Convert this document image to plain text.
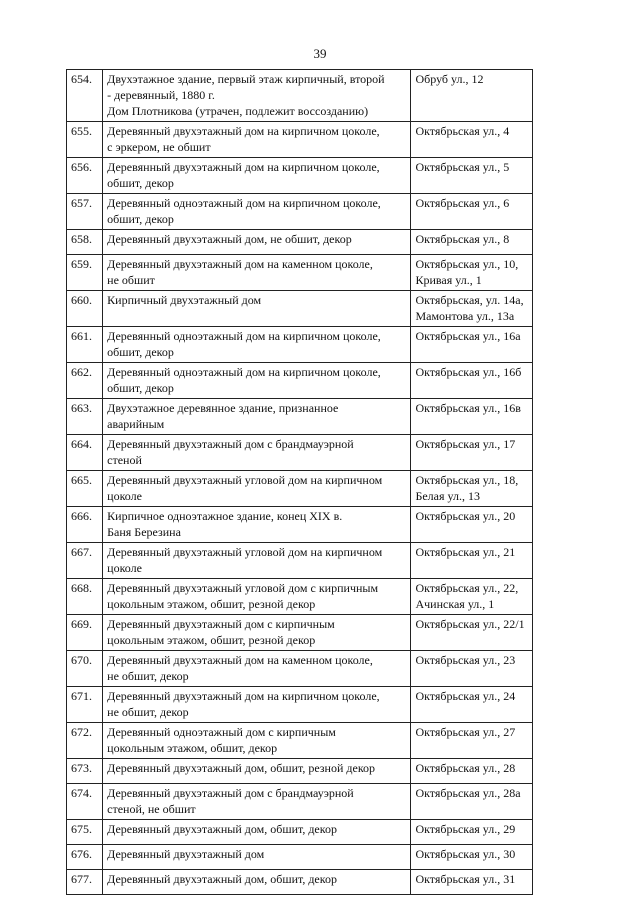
39
654.	Двухэтажное здание, первый этаж кирпичный, второй
- деревянный, 1880 г.
Дом Плотникова (утрачен, подлежит воссозданию)	Обруб ул., 12

655.	Деревянный двухэтажный дом на кирпичном цоколе,
с эркером, не обшит	Октябрьская ул., 4

656.	Деревянный двухэтажный дом на кирпичном цоколе,
обшит, декор	Октябрьская ул., 5

657.	Деревянный одноэтажный дом на кирпичном цоколе,
обшит, декор	Октябрьская ул., 6

658.	Деревянный двухэтажный дом, не обшит, декор	Октябрьская ул., 8

659.	Деревянный двухэтажный дом на каменном цоколе,
не обшит	Октябрьская ул., 10,
Кривая ул., 1

660.	Кирпичный двухэтажный дом	Октябрьская, ул. 14а,
Мамонтова ул., 13а

661.	Деревянный одноэтажный дом на кирпичном цоколе,
обшит, декор	Октябрьская ул., 16а

662.	Деревянный одноэтажный дом на кирпичном цоколе,
обшит, декор	Октябрьская ул., 16б

663.	Двухэтажное деревянное здание, признанное
аварийным	Октябрьская ул., 16в

664.	Деревянный двухэтажный дом с брандмауэрной
стеной	Октябрьская ул., 17

665.	Деревянный двухэтажный угловой дом на кирпичном
цоколе	Октябрьская ул., 18,
Белая ул., 13

666.	Кирпичное одноэтажное здание, конец XIX в.
Баня Березина	Октябрьская ул., 20

667.	Деревянный двухэтажный угловой дом на кирпичном
цоколе	Октябрьская ул., 21

668.	Деревянный двухэтажный угловой дом с кирпичным
цокольным этажом, обшит, резной декор	Октябрьская ул., 22,
Ачинская ул., 1

669.	Деревянный двухэтажный дом с кирпичным
цокольным этажом, обшит, резной декор	Октябрьская ул., 22/1

670.	Деревянный двухэтажный дом на каменном цоколе,
не обшит, декор	Октябрьская ул., 23

671.	Деревянный двухэтажный дом на кирпичном цоколе,
не обшит, декор	Октябрьская ул., 24

672.	Деревянный одноэтажный дом с кирпичным
цокольным этажом, обшит, декор	Октябрьская ул., 27

673.	Деревянный двухэтажный дом, обшит, резной декор	Октябрьская ул., 28

674.	Деревянный двухэтажный дом с брандмауэрной
стеной, не обшит	Октябрьская ул., 28а

675.	Деревянный двухэтажный дом, обшит, декор	Октябрьская ул., 29

676.	Деревянный двухэтажный дом	Октябрьская ул., 30

677.	Деревянный двухэтажный дом, обшит, декор	Октябрьская ул., 31
